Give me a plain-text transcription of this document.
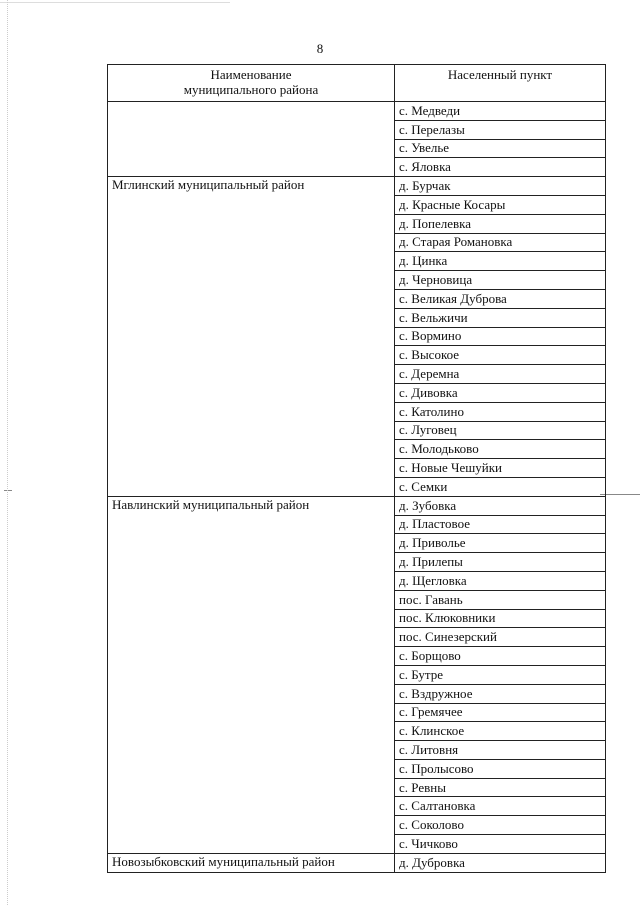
8
Наименование
муниципального района	Населенный пункт
	с. Медведи
	с. Перелазы
	с. Увелье
	с. Яловка
Мглинский муниципальный район	д. Бурчак
	д. Красные Косары
	д. Попелевка
	д. Старая Романовка
	д. Цинка
	д. Черновица
	с. Великая Дуброва
	с. Вельжичи
	с. Вормино
	с. Высокое
	с. Деремна
	с. Дивовка
	с. Католино
	с. Луговец
	с. Молодьково
	с. Новые Чешуйки
	с. Семки
Навлинский муниципальный район	д. Зубовка
	д. Пластовое
	д. Приволье
	д. Прилепы
	д. Щегловка
	пос. Гавань
	пос. Клюковники
	пос. Синезерский
	с. Борщово
	с. Бутре
	с. Вздружное
	с. Гремячее
	с. Клинское
	с. Литовня
	с. Пролысово
	с. Ревны
	с. Салтановка
	с. Соколово
	с. Чичково
Новозыбковский муниципальный район	д. Дубровка
